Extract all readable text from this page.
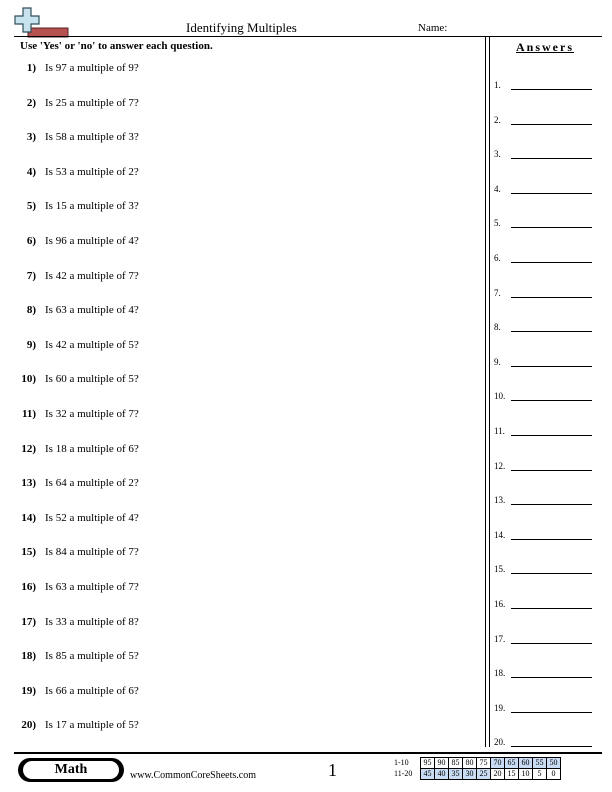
Identifying Multiples	Name:
Use 'Yes' or 'no' to answer each question.
1) Is 97 a multiple of 9?
2) Is 25 a multiple of 7?
3) Is 58 a multiple of 3?
4) Is 53 a multiple of 2?
5) Is 15 a multiple of 3?
6) Is 96 a multiple of 4?
7) Is 42 a multiple of 7?
8) Is 63 a multiple of 4?
9) Is 42 a multiple of 5?
10) Is 60 a multiple of 5?
11) Is 32 a multiple of 7?
12) Is 18 a multiple of 6?
13) Is 64 a multiple of 2?
14) Is 52 a multiple of 4?
15) Is 84 a multiple of 7?
16) Is 63 a multiple of 7?
17) Is 33 a multiple of 8?
18) Is 85 a multiple of 5?
19) Is 66 a multiple of 6?
20) Is 17 a multiple of 5?
Answers
1.
2.
3.
4.
5.
6.
7.
8.
9.
10.
11.
12.
13.
14.
15.
16.
17.
18.
19.
20.
Math	www.CommonCoreSheets.com	1	1-10	95	90	85	80	75	70	65	60	55	50
11-20	45	40	35	30	25	20	15	10	5	0
